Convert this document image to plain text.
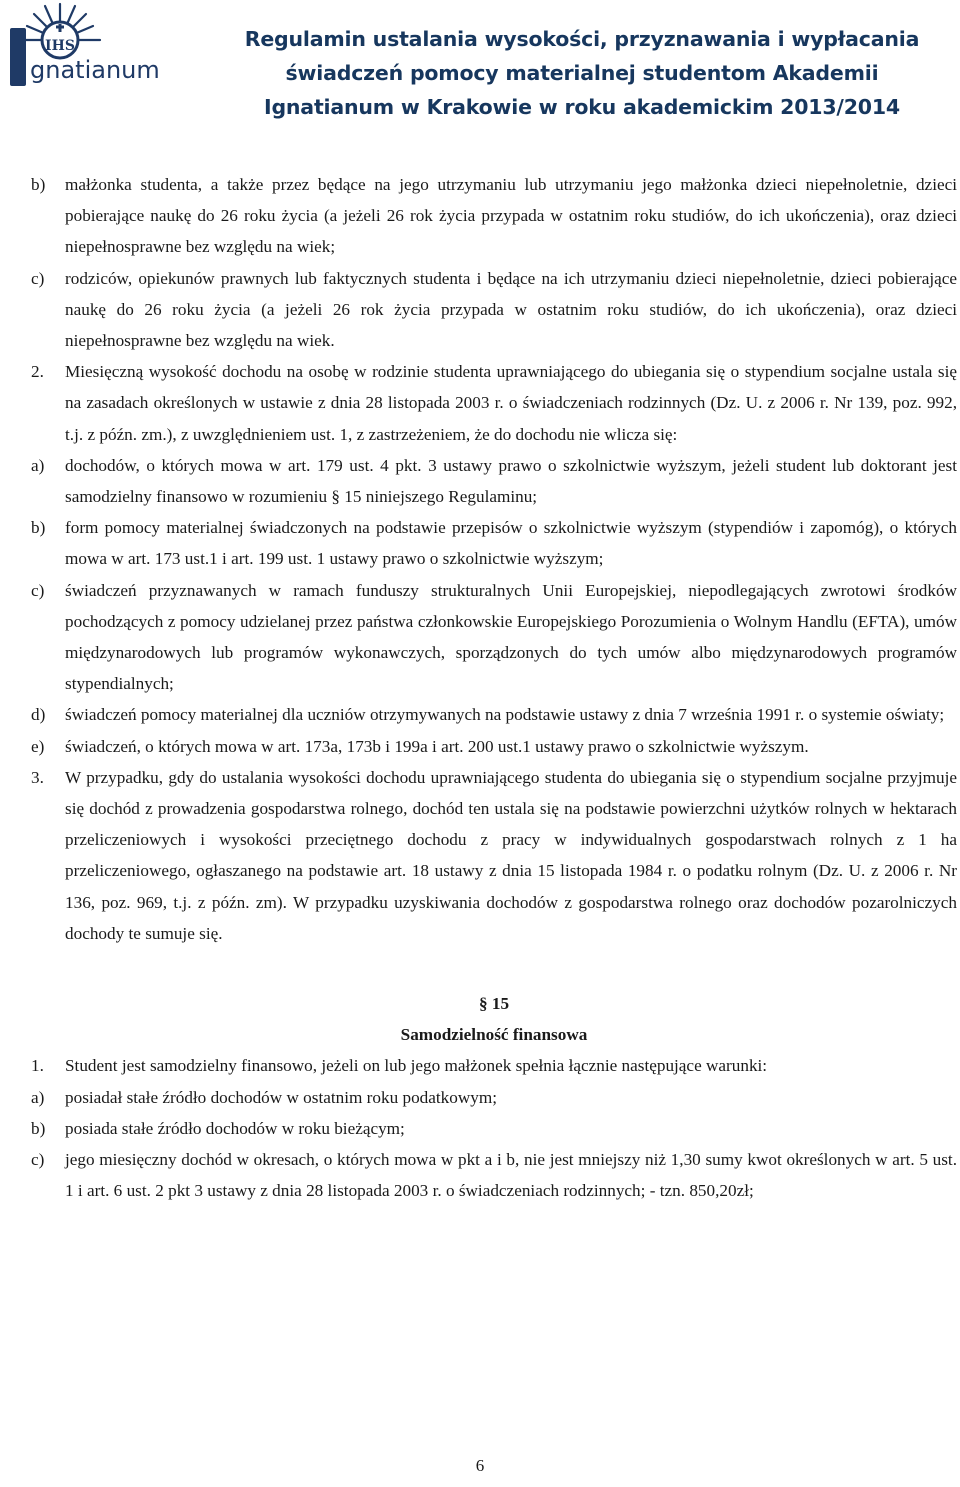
IHS
gnatianum
Regulamin ustalania wysokości, przyznawania i wypłacania
świadczeń pomocy materialnej studentom Akademii
Ignatianum w Krakowie w roku akademickim 2013/2014
b) małżonka studenta, a także przez będące na jego utrzymaniu lub utrzymaniu jego małżonka dzieci niepełnoletnie, dzieci pobierające naukę do 26 roku życia (a jeżeli 26 rok życia przypada w ostatnim roku studiów, do ich ukończenia), oraz dzieci niepełnosprawne bez względu na wiek;
c) rodziców, opiekunów prawnych lub faktycznych studenta i będące na ich utrzymaniu dzieci niepełnoletnie, dzieci pobierające naukę do 26 roku życia (a jeżeli 26 rok życia przypada w ostatnim roku studiów, do ich ukończenia), oraz dzieci niepełnosprawne bez względu na wiek.
2. Miesięczną wysokość dochodu na osobę w rodzinie studenta uprawniającego do ubiegania się o stypendium socjalne ustala się na zasadach określonych w ustawie z dnia 28 listopada 2003 r. o świadczeniach rodzinnych (Dz. U. z 2006 r. Nr 139, poz. 992, t.j. z późn. zm.), z uwzględnieniem ust. 1, z zastrzeżeniem, że do dochodu nie wlicza się:
a) dochodów, o których mowa w art. 179 ust. 4 pkt. 3 ustawy prawo o szkolnictwie wyższym, jeżeli student lub doktorant jest samodzielny finansowo w rozumieniu § 15 niniejszego Regulaminu;
b) form pomocy materialnej świadczonych na podstawie przepisów o szkolnictwie wyższym (stypendiów i zapomóg), o których mowa w art. 173 ust.1 i art. 199 ust. 1 ustawy prawo o szkolnictwie wyższym;
c) świadczeń przyznawanych w ramach funduszy strukturalnych Unii Europejskiej, niepodlegających zwrotowi środków pochodzących z pomocy udzielanej przez państwa członkowskie Europejskiego Porozumienia o Wolnym Handlu (EFTA), umów międzynarodowych lub programów wykonawczych, sporządzonych do tych umów albo międzynarodowych programów stypendialnych;
d) świadczeń pomocy materialnej dla uczniów otrzymywanych na podstawie ustawy z dnia 7 września 1991 r. o systemie oświaty;
e) świadczeń, o których mowa w art. 173a, 173b i 199a i art. 200 ust.1 ustawy prawo o szkolnictwie wyższym.
3. W przypadku, gdy do ustalania wysokości dochodu uprawniającego studenta do ubiegania się o stypendium socjalne przyjmuje się dochód z prowadzenia gospodarstwa rolnego, dochód ten ustala się na podstawie powierzchni użytków rolnych w hektarach przeliczeniowych i wysokości przeciętnego dochodu z pracy w indywidualnych gospodarstwach rolnych z 1 ha przeliczeniowego, ogłaszanego na podstawie art. 18 ustawy z dnia 15 listopada 1984 r. o podatku rolnym (Dz. U. z 2006 r. Nr 136, poz. 969, t.j. z późn. zm). W przypadku uzyskiwania dochodów z gospodarstwa rolnego oraz dochodów pozarolniczych dochody te sumuje się.
§ 15
Samodzielność finansowa
1. Student jest samodzielny finansowo, jeżeli on lub jego małżonek spełnia łącznie następujące warunki:
a) posiadał stałe źródło dochodów w ostatnim roku podatkowym;
b) posiada stałe źródło dochodów w roku bieżącym;
c) jego miesięczny dochód w okresach, o których mowa w pkt a i b, nie jest mniejszy niż 1,30 sumy kwot określonych w art. 5 ust. 1 i art. 6 ust. 2 pkt 3 ustawy z dnia 28 listopada 2003 r. o świadczeniach rodzinnych; - tzn. 850,20zł;
6
